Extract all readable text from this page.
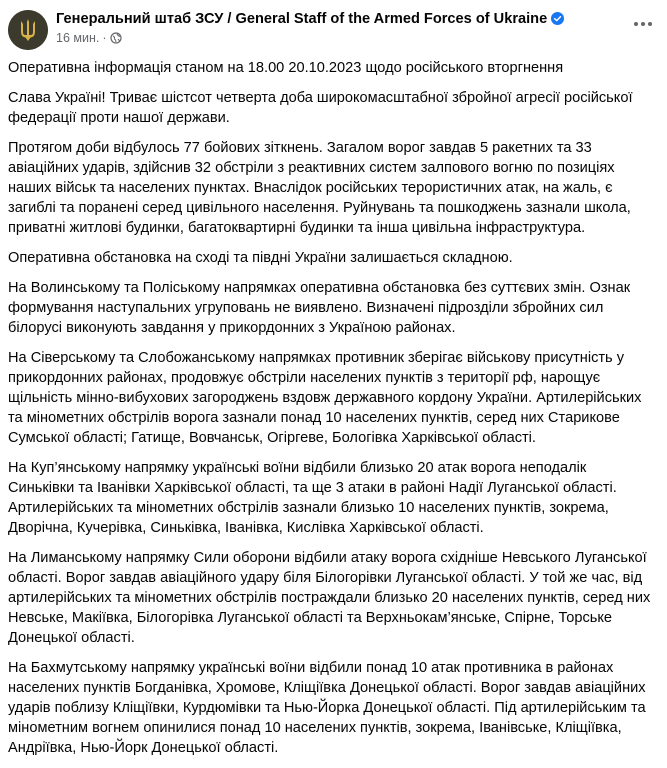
Генеральний штаб ЗСУ / General Staff of the Armed Forces of Ukraine
16 мин. ·

Оперативна інформація станом на 18.00 20.10.2023 щодо російського вторгнення

Слава Україні! Триває шістсот четверта доба широкомасштабної збройної агресії російської федерації проти нашої держави.

Протягом доби відбулось 77 бойових зіткнень. Загалом ворог завдав 5 ракетних та 33 авіаційних ударів, здійснив 32 обстріли з реактивних систем залпового вогню по позиціях наших військ та населених пунктах. Внаслідок російських терористичних атак, на жаль, є загиблі та поранені серед цивільного населення. Руйнувань та пошкоджень зазнали школа, приватні житлові будинки, багатоквартирні будинки та інша цивільна інфраструктура.

Оперативна обстановка на сході та півдні України залишається складною.

На Волинському та Поліському напрямках оперативна обстановка без суттєвих змін. Ознак формування наступальних угруповань не виявлено. Визначені підрозділи збройних сил білорусі виконують завдання у прикордонних з Україною районах.

На Сіверському та Слобожанському напрямках противник зберігає військову присутність у прикордонних районах, продовжує обстріли населених пунктів з території рф, нарощує щільність мінно-вибухових загороджень вздовж державного кордону України. Артилерійських та мінометних обстрілів ворога зазнали понад 10 населених пунктів, серед них Старикове Сумської області; Гатище, Вовчанськ, Огіргеве, Бологівка Харківської області.

На Куп’янському напрямку українські воїни відбили близько 20 атак ворога неподалік Синьківки та Іванівки Харківської області, та ще 3 атаки в районі Надії Луганської області. Артилерійських та мінометних обстрілів зазнали близько 10 населених пунктів, зокрема, Дворічна, Кучерівка, Синьківка, Іванівка, Кислівка Харківської області.

На Лиманському напрямку Сили оборони відбили атаку ворога східніше Невського Луганської області. Ворог завдав авіаційного удару біля Білогорівки Луганської області. У той же час, від артилерійських та мінометних обстрілів постраждали близько 20 населених пунктів, серед них Невське, Макіївка, Білогорівка Луганської області та Верхньокам’янське, Спірне, Торське Донецької області.

На Бахмутському напрямку українські воїни відбили понад 10 атак противника в районах населених пунктів Богданівка, Хромове, Кліщіївка Донецької області. Ворог завдав авіаційних ударів поблизу Кліщіївки, Курдюмівки та Нью-Йорка Донецької області. Під артилерійським та мінометним вогнем опинилися понад 10 населених пунктів, зокрема, Іванівське, Кліщіївка, Андріївка, Нью-Йорк Донецької області.
